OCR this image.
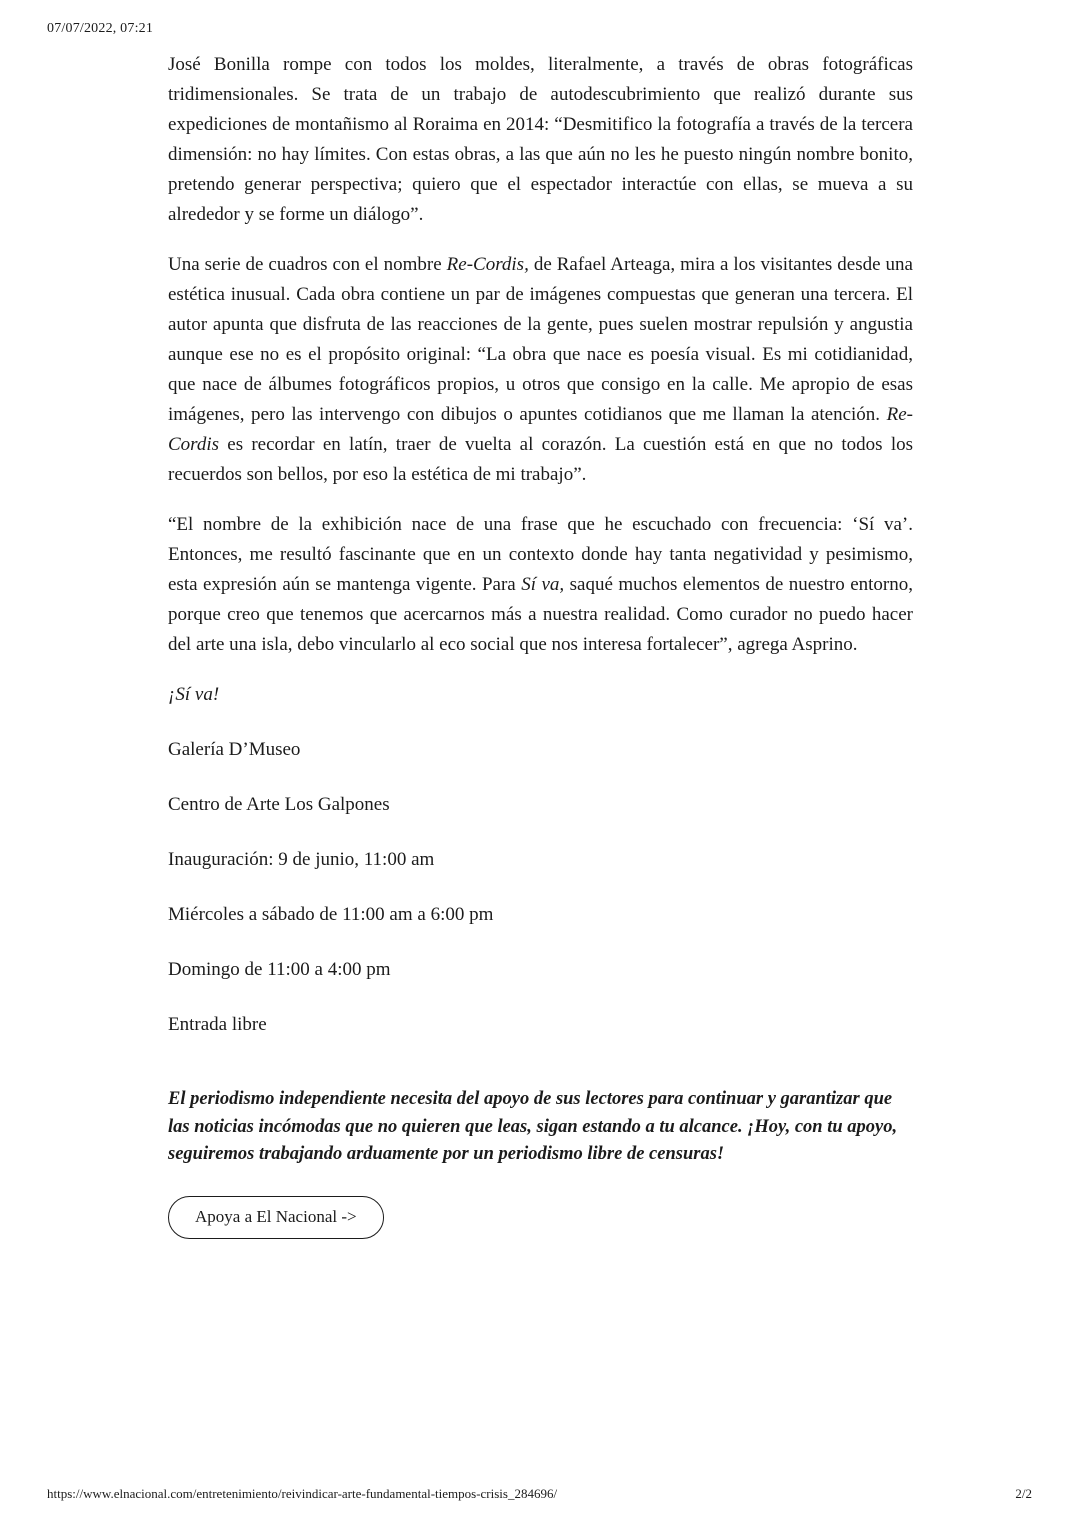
07/07/2022, 07:21

José Bonilla rompe con todos los moldes, literalmente, a través de obras fotográficas tridimensionales. Se trata de un trabajo de autodescubrimiento que realizó durante sus expediciones de montañismo al Roraima en 2014: “Desmitifico la fotografía a través de la tercera dimensión: no hay límites. Con estas obras, a las que aún no les he puesto ningún nombre bonito, pretendo generar perspectiva; quiero que el espectador interactúe con ellas, se mueva a su alrededor y se forme un diálogo”.

Una serie de cuadros con el nombre Re-Cordis, de Rafael Arteaga, mira a los visitantes desde una estética inusual. Cada obra contiene un par de imágenes compuestas que generan una tercera. El autor apunta que disfruta de las reacciones de la gente, pues suelen mostrar repulsión y angustia aunque ese no es el propósito original: “La obra que nace es poesía visual. Es mi cotidianidad, que nace de álbumes fotográficos propios, u otros que consigo en la calle. Me apropio de esas imágenes, pero las intervengo con dibujos o apuntes cotidianos que me llaman la atención. Re-Cordis es recordar en latín, traer de vuelta al corazón. La cuestión está en que no todos los recuerdos son bellos, por eso la estética de mi trabajo”.

“El nombre de la exhibición nace de una frase que he escuchado con frecuencia: ‘Sí va’. Entonces, me resultó fascinante que en un contexto donde hay tanta negatividad y pesimismo, esta expresión aún se mantenga vigente. Para Sí va, saqué muchos elementos de nuestro entorno, porque creo que tenemos que acercarnos más a nuestra realidad. Como curador no puedo hacer del arte una isla, debo vincularlo al eco social que nos interesa fortalecer”, agrega Asprino.

¡Sí va!

Galería D’Museo

Centro de Arte Los Galpones

Inauguración: 9 de junio, 11:00 am

Miércoles a sábado de 11:00 am a 6:00 pm

Domingo de 11:00 a 4:00 pm

Entrada libre

El periodismo independiente necesita del apoyo de sus lectores para continuar y garantizar que las noticias incómodas que no quieren que leas, sigan estando a tu alcance. ¡Hoy, con tu apoyo, seguiremos trabajando arduamente por un periodismo libre de censuras!

Apoya a El Nacional ->
https://www.elnacional.com/entretenimiento/reivindicar-arte-fundamental-tiempos-crisis_284696/	2/2
